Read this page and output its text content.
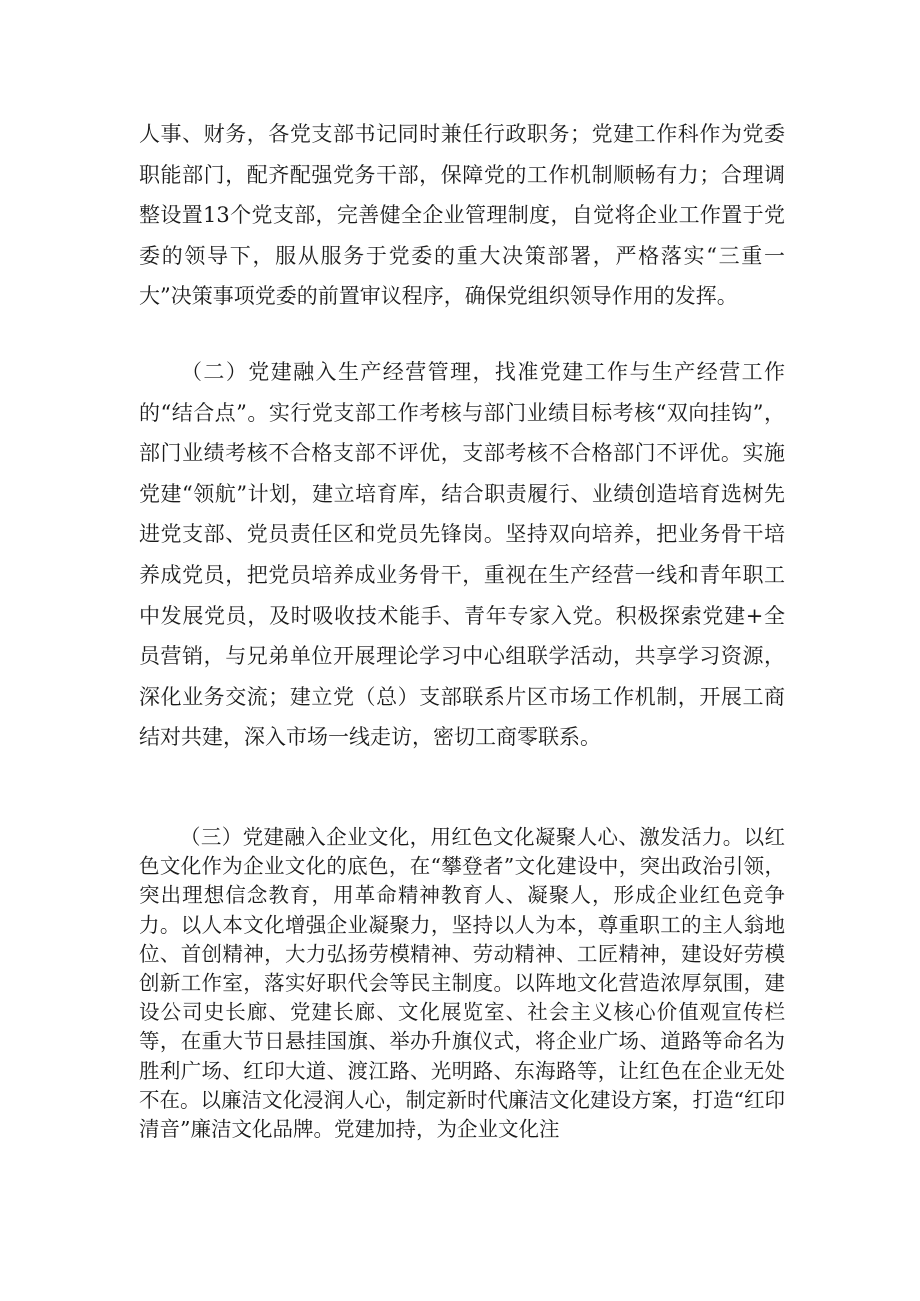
人事、财务，各党支部书记同时兼任行政职务；党建工作科作为党委职能部门，配齐配强党务干部，保障党的工作机制顺畅有力；合理调整设置13个党支部，完善健全企业管理制度，自觉将企业工作置于党委的领导下，服从服务于党委的重大决策部署，严格落实“三重一大”决策事项党委的前置审议程序，确保党组织领导作用的发挥。

（二）党建融入生产经营管理，找准党建工作与生产经营工作的“结合点”。实行党支部工作考核与部门业绩目标考核“双向挂钩”，部门业绩考核不合格支部不评优，支部考核不合格部门不评优。实施党建“领航”计划，建立培育库，结合职责履行、业绩创造培育选树先进党支部、党员责任区和党员先锋岗。坚持双向培养，把业务骨干培养成党员，把党员培养成业务骨干，重视在生产经营一线和青年职工中发展党员，及时吸收技术能手、青年专家入党。积极探索党建+全员营销，与兄弟单位开展理论学习中心组联学活动，共享学习资源，深化业务交流；建立党（总）支部联系片区市场工作机制，开展工商结对共建，深入市场一线走访，密切工商零联系。

（三）党建融入企业文化，用红色文化凝聚人心、激发活力。以红色文化作为企业文化的底色，在“攀登者”文化建设中，突出政治引领，突出理想信念教育，用革命精神教育人、凝聚人，形成企业红色竞争力。以人本文化增强企业凝聚力，坚持以人为本，尊重职工的主人翁地位、首创精神，大力弘扬劳模精神、劳动精神、工匠精神，建设好劳模创新工作室，落实好职代会等民主制度。以阵地文化营造浓厚氛围，建设公司史长廊、党建长廊、文化展览室、社会主义核心价值观宣传栏等，在重大节日悬挂国旗、举办升旗仪式，将企业广场、道路等命名为胜利广场、红印大道、渡江路、光明路、东海路等，让红色在企业无处不在。以廉洁文化浸润人心，制定新时代廉洁文化建设方案，打造“红印清音”廉洁文化品牌。党建加持，为企业文化注
